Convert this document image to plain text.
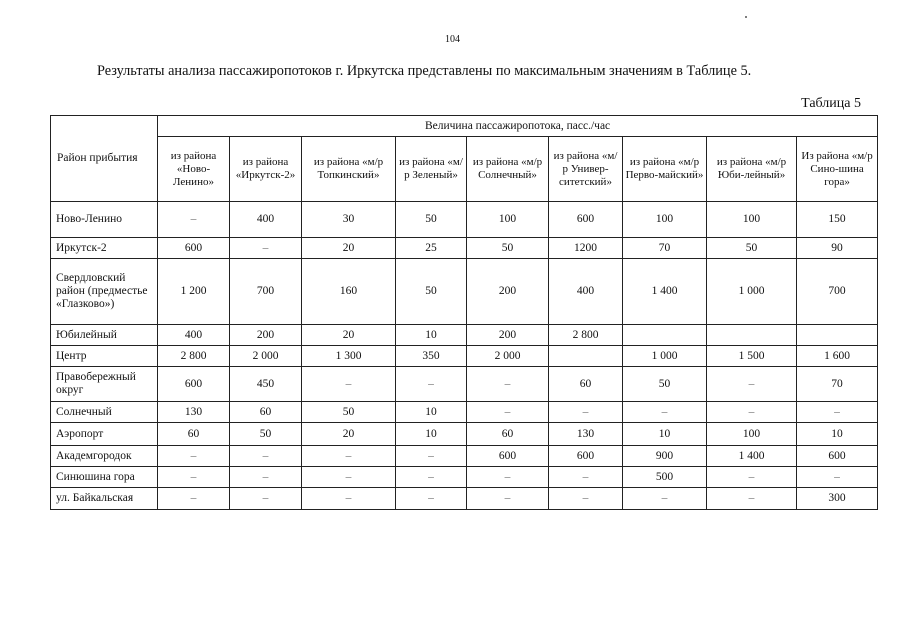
104
Результаты анализа пассажиропотоков г. Иркутска представлены по максимальным значениям в Таблице 5.
Таблица 5
Район прибытия	Величина пассажиропотока, пасс./час								
	из района «Ново-Ленино»	из района «Иркутск-2»	из района «м/р Топкинский»	из района «м/р Зеленый»	из района «м/р Солнечный»	из района «м/р Универ-ситетский»	из района «м/р Перво-майский»	из района «м/р Юби-лейный»	Из района «м/р Сино-шина гора»
Ново-Ленино	–	400	30	50	100	600	100	100	150
Иркутск-2	600	–	20	25	50	1200	70	50	90
Свердловский район (предместье «Глазково»)	1 200	700	160	50	200	400	1 400	1 000	700
Юбилейный	400	200	20	10	200	2 800			
Центр	2 800	2 000	1 300	350	2 000		1 000	1 500	1 600
Правобережный округ	600	450	–	–	–	60	50	–	70
Солнечный	130	60	50	10	–	–	–	–	–
Аэропорт	60	50	20	10	60	130	10	100	10
Академгородок	–	–	–	–	600	600	900	1 400	600
Синюшина гора	–	–	–	–	–	–	500	–	–
ул. Байкальская	–	–	–	–	–	–	–	–	300
